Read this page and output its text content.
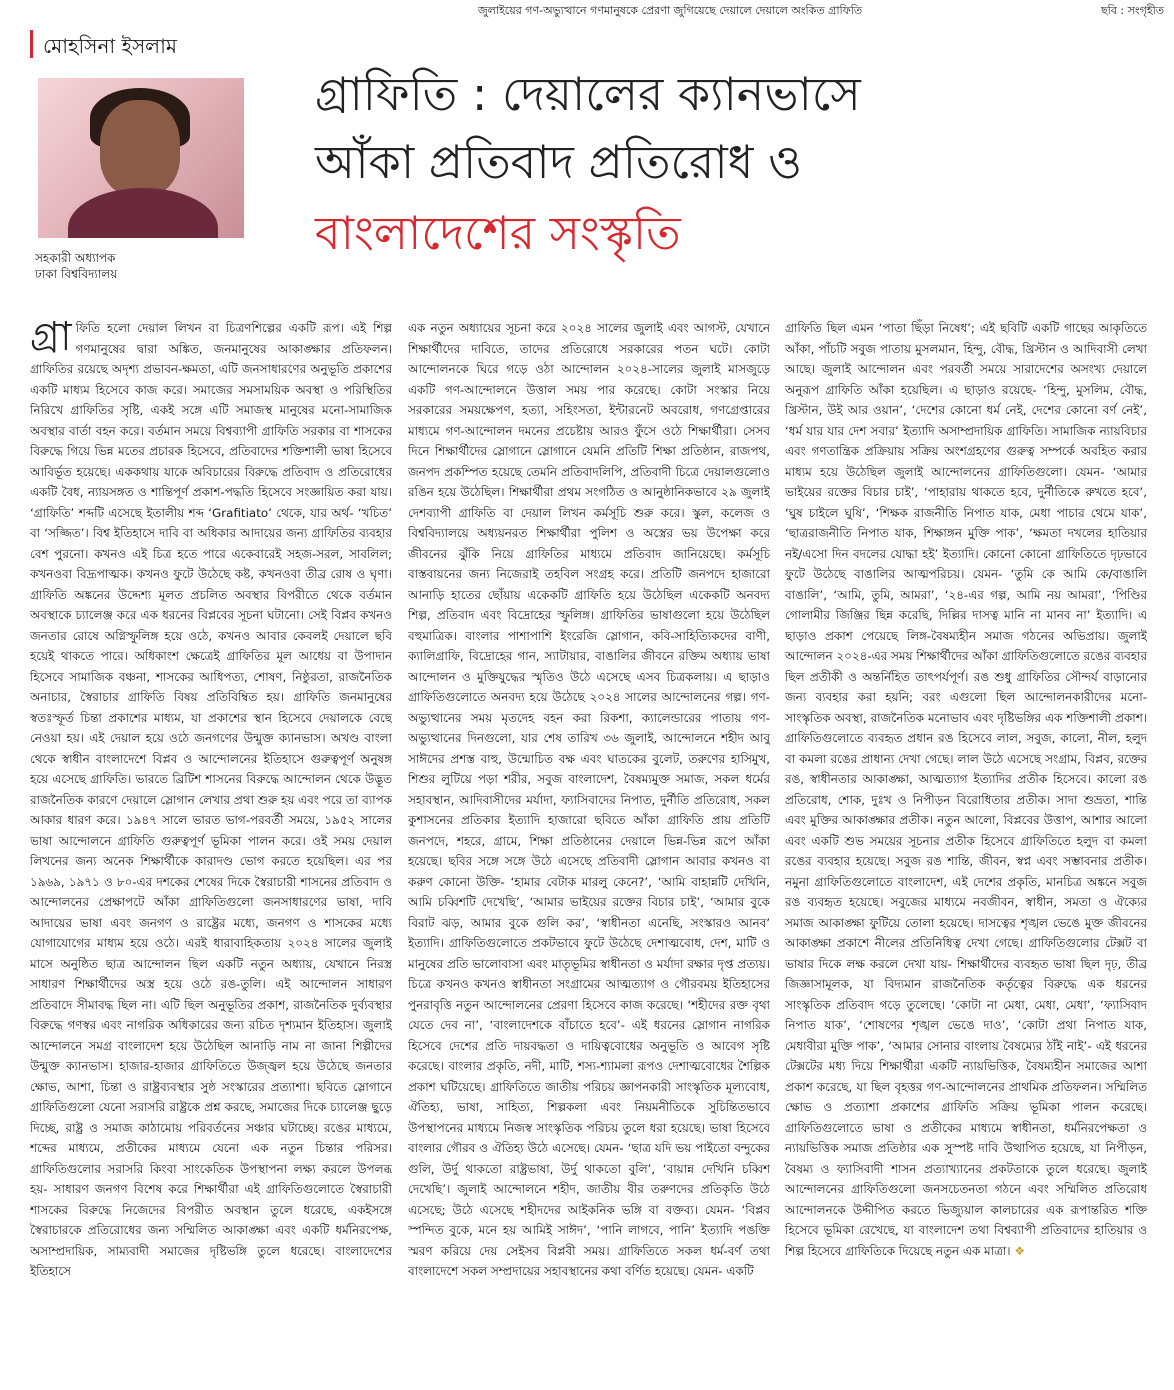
জুলাইয়ের গণ-অভ্যুত্থানে গণমানুষকে প্রেরণা জুগিয়েছে দেয়ালে দেয়ালে অংকিত গ্রাফিতি	ছবি : সংগৃহীত
মোহসিনা ইসলাম
সহকারী অধ্যাপক
ঢাকা বিশ্ববিদ্যালয়
গ্রাফিতি : দেয়ালের ক্যানভাসে
আঁকা প্রতিবাদ প্রতিরোধ ও
বাংলাদেশের সংস্কৃতি

গ্রা ফিতি হলো দেয়াল লিখন বা চিত্রণশিল্পের একটি রূপ। এই শিল্প গণমানুষের দ্বারা অঙ্কিত, জনমানুষের আকাঙ্ক্ষার প্রতিফলন। গ্রাফিতির রয়েছে অদৃশ্য প্রভাবন-ক্ষমতা, এটি জনসাধারণের অনুভূতি প্রকাশের একটি মাধ্যম হিসেবে কাজ করে। সমাজের সমসাময়িক অবস্থা ও পরিস্থিতির নিরিখে গ্রাফিতির সৃষ্টি, একই সঙ্গে এটি সমাজস্থ মানুষের মনো-সামাজিক অবস্থার বার্তা বহন করে। বর্তমান সময়ে বিশ্বব্যাপী গ্রাফিতি সরকার বা শাসকের বিরুদ্ধে গিয়ে ভিন্ন মতের প্রচারক হিসেবে, প্রতিবাদের শক্তিশালী ভাষা হিসেবে আবির্ভূত হয়েছে। এককথায় যাকে অবিচারের বিরুদ্ধে প্রতিবাদ ও প্রতিরোধের একটি বৈধ, ন্যায়সঙ্গত ও শান্তিপূর্ণ প্রকাশ-পদ্ধতি হিসেবে সংজ্ঞায়িত করা যায়। ‘গ্রাফিতি’ শব্দটি এসেছে ইতালীয় শব্দ ‘Grafitiato’ থেকে, যার অর্থ- ‘খচিত’ বা ‘সজ্জিত’। বিশ্ব ইতিহাসে দাবি বা অধিকার আদায়ের জন্য গ্রাফিতির ব্যবহার বেশ পুরনো। কখনও এই চিত্র হতে পারে একেবারেই সহজ-সরল, সাবলিল; কখনওবা বিদ্রূপাত্মক। কখনও ফুটে উঠেছে কষ্ট, কখনওবা তীব্র রোষ ও ঘৃণা। গ্রাফিতি অঙ্কনের উদ্দেশ্য মূলত প্রচলিত অবস্থার বিপরীতে থেকে বর্তমান অবস্থাকে চ্যালেঞ্জ করে এক ধরনের বিপ্লবের সূচনা ঘটানো। সেই বিপ্লব কখনও জনতার রোষে অগ্নিস্ফুলিঙ্গ হয়ে ওঠে, কখনও আবার কেবলই দেয়ালে ছবি হয়েই থাকতে পারে। অধিকাংশ ক্ষেত্রেই গ্রাফিতির মূল আধেয় বা উপাদান হিসেবে সামাজিক বঞ্চনা, শাসকের আধিপত্য, শোষণ, নিষ্ঠুরতা, রাজনৈতিক অনাচার, স্বৈরাচার গ্রাফিতি বিষয় প্রতিবিম্বিত হয়। গ্রাফিতি জনমানুষের স্বতঃস্ফূর্ত চিন্তা প্রকাশের মাধ্যম, যা প্রকাশের স্থান হিসেবে দেয়ালকে বেছে নেওয়া হয়। এই দেয়াল হয়ে ওঠে জনগণের উন্মুক্ত ক্যানভাস। অখণ্ড বাংলা থেকে স্বাধীন বাংলাদেশে বিপ্লব ও আন্দোলনের ইতিহাসে গুরুত্বপূর্ণ অনুষঙ্গ হয়ে এসেছে গ্রাফিতি। ভারতে ব্রিটিশ শাসনের বিরুদ্ধে আন্দোলন থেকে উদ্ভূত রাজনৈতিক কারণে দেয়ালে স্লোগান লেখার প্রথা শুরু হয় এবং পরে তা ব্যাপক আকার ধারণ করে। ১৯৪৭ সালে ভারত ভাগ-পরবর্তী সময়ে, ১৯৫২ সালের ভাষা আন্দোলনে গ্রাফিতি গুরুত্বপূর্ণ ভূমিকা পালন করে। ওই সময় দেয়াল লিখনের জন্য অনেক শিক্ষার্থীকে কারাদণ্ড ভোগ করতে হয়েছিল। এর পর ১৯৬৯, ১৯৭১ ও ৮০-এর দশকের শেষের দিকে স্বৈরাচারী শাসনের প্রতিবাদ ও আন্দোলনের প্রেক্ষাপটে আঁকা গ্রাফিতিগুলো জনসাধারণের ভাষা, দাবি আদায়ের ভাষা এবং জনগণ ও রাষ্ট্রের মধ্যে, জনগণ ও শাসকের মধ্যে যোগাযোগের মাধ্যম হয়ে ওঠে। এরই ধারাবাহিকতায় ২০২৪ সালের জুলাই মাসে অনুষ্ঠিত ছাত্র আন্দোলন ছিল একটি নতুন অধ্যায়, যেখানে নিরস্ত্র সাধারণ শিক্ষার্থীদের অস্ত্র হয়ে ওঠে রঙ-তুলি। এই আন্দোলন সাধারণ প্রতিবাদে সীমাবদ্ধ ছিল না। এটি ছিল অনুভূতির প্রকাশ, রাজনৈতিক দুর্ব্যবস্থার বিরুদ্ধে গণস্বর এবং নাগরিক অধিকারের জন্য রচিত দৃশ্যমান ইতিহাস। জুলাই আন্দোলনে সমগ্র বাংলাদেশ হয়ে উঠেছিল আনাড়ি নাম না জানা শিল্পীদের উন্মুক্ত ক্যানভাস। হাজার-হাজার গ্রাফিতিতে উজ্জ্বল হয়ে উঠেছে জনতার ক্ষোভ, আশা, চিন্তা ও রাষ্ট্রব্যবস্থার সুষ্ঠ সংস্কারের প্রত্যাশা। ছবিতে স্লোগানে গ্রাফিতিগুলো যেনো সরাসরি রাষ্ট্রকে প্রশ্ন করছে, সমাজের দিকে চ্যালেঞ্জ ছুড়ে দিচ্ছে, রাষ্ট্র ও সমাজ কাঠামোয় পরিবর্তনের সঞ্চার ঘটাচ্ছে। রঙের মাধ্যমে, শব্দের মাধ্যমে, প্রতীকের মাধ্যমে যেনো এক নতুন চিন্তার পরিসর। গ্রাফিতিগুলোর সরাসরি কিংবা সাংকেতিক উপস্থাপনা লক্ষ্য করলে উপলব্ধ হয়- সাধারণ জনগণ বিশেষ করে শিক্ষার্থীরা এই গ্রাফিতিগুলোতে স্বৈরাচারী শাসকের বিরুদ্ধে নিজেদের বিপরীত অবস্থান তুলে ধরেছে, একইসঙ্গে স্বৈরাচারকে প্রতিরোধের জন্য সম্মিলিত আকাঙ্ক্ষা এবং একটি ধর্মনিরপেক্ষ, অসাম্প্রদায়িক, সাম্যবাদী সমাজের দৃষ্টিভঙ্গি তুলে ধরেছে। বাংলাদেশের ইতিহাসে

এক নতুন অধ্যায়ের সূচনা করে ২০২৪ সালের জুলাই এবং আগস্ট, যেখানে শিক্ষার্থীদের দাবিতে, তাদের প্রতিরোধে সরকারের পতন ঘটে। কোটা আন্দোলনকে ঘিরে গড়ে ওঠা আন্দোলন ২০২৪-সালের জুলাই মাসজুড়ে একটি গণ-আন্দোলনে উত্তাল সময় পার করেছে। কোটা সংস্কার নিয়ে সরকারের সময়ক্ষেপণ, হত্যা, সহিংসতা, ইন্টারনেট অবরোধ, গণগ্রেপ্তারের মাধ্যমে গণ-আন্দোলন দমনের প্রচেষ্টায় আরও ফুঁসে ওঠে শিক্ষার্থীরা। সেসব দিনে শিক্ষার্থীদের স্লোগানে স্লোগানে যেমনি প্রতিটি শিক্ষা প্রতিষ্ঠান, রাজপথ, জনপদ প্রকম্পিত হয়েছে তেমনি প্রতিবাদলিপি, প্রতিবাদী চিত্রে দেয়ালগুলোও রঙিন হয়ে উঠেছিল। শিক্ষার্থীরা প্রথম সংগঠিত ও আনুষ্ঠানিকভাবে ২৯ জুলাই দেশব্যাপী গ্রাফিতি বা দেয়াল লিখন কর্মসূচি শুরু করে। স্কুল, কলেজ ও বিশ্ববিদ্যালয়ে অধ্যয়নরত শিক্ষার্থীরা পুলিশ ও অস্ত্রের ভয় উপেক্ষা করে জীবনের ঝুঁকি নিয়ে গ্রাফিতির মাধ্যমে প্রতিবাদ জানিয়েছে। কর্মসূচি বাস্তবায়নের জন্য নিজেরাই তহবিল সংগ্রহ করে। প্রতিটি জনপদে হাজারো আনাড়ি হাতের ছোঁয়ায় একেকটি গ্রাফিতি হয়ে উঠেছিল একেকটি অনবদ্য শিল্প, প্রতিবাদ এবং বিদ্রোহের স্ফুলিঙ্গ। গ্রাফিতির ভাষাগুলো হয়ে উঠেছিল বহুমাত্রিক। বাংলার পাশাপাশি ইংরেজি স্লোগান, কবি-সাহিত্যিকদের বাণী, ক্যালিগ্রাফি, বিদ্রোহের গান, স্যাটায়ার, বাঙালির জীবনে রক্তিম অধ্যায় ভাষা আন্দোলন ও মুক্তিযুদ্ধের স্মৃতিও উঠে এসেছে এসব চিত্রকলায়। এ ছাড়াও গ্রাফিতিগুলোতে অনবদ্য হয়ে উঠেছে ২০২৪ সালের আন্দোলনের গল্প। গণ-অভ্যুত্থানের সময় মৃতদেহ বহন করা রিকশা, ক্যালেন্ডারের পাতায় গণ-অভ্যুত্থানের দিনগুলো, যার শেষ তারিখ ৩৬ জুলাই, আন্দোলনে শহীদ আবু সাঈদের প্রশস্ত বাহু, উন্মোচিত বক্ষ এবং ঘাতকের বুলেট, তরুণের হাসিমুখ, শিশুর লুটিয়ে পড়া শরীর, সবুজ বাংলাদেশ, বৈষম্যমুক্ত সমাজ, সকল ধর্মের সহাবস্থান, আদিবাসীদের মর্যাদা, ফ্যাসিবাদের নিপাত, দুর্নীতি প্রতিরোধ, সকল কুশাসনের প্রতিকার ইত্যাদি হাজারো ছবিতে আঁকা গ্রাফিতি প্রায় প্রতিটি জনপদে, শহরে, গ্রামে, শিক্ষা প্রতিষ্ঠানের দেয়ালে ভিন্ন-ভিন্ন রূপে আঁকা হয়েছে। ছবির সঙ্গে সঙ্গে উঠে এসেছে প্রতিবাদী স্লোগান আবার কখনও বা করুণ কোনো উক্তি- ‘হামার বেটাক মারলু কেনে?’, ‘আমি বাহান্নটি দেখিনি, আমি চব্বিশটি দেখেছি’, ‘আমার ভাইয়ের রক্তের বিচার চাই’, ‘আমার বুকে বিরাট ঝড়, আমার বুকে গুলি কর’, ‘স্বাধীনতা এনেছি, সংস্কারও আনব’ ইত্যাদি। গ্রাফিতিগুলোতে প্রকটভাবে ফুটে উঠেছে দেশাত্মবোধ, দেশ, মাটি ও মানুষের প্রতি ভালোবাসা এবং মাতৃভূমির স্বাধীনতা ও মর্যাদা রক্ষার দৃপ্ত প্রত্যয়। চিত্রে কখনও কখনও স্বাধীনতা সংগ্রামের আত্মত্যাগ ও গৌরবময় ইতিহাসের পুনরাবৃত্তি নতুন আন্দোলনের প্রেরণা হিসেবে কাজ করেছে। ‘শহীদের রক্ত বৃথা যেতে দেব না’, ‘বাংলাদেশকে বাঁচাতে হবে’- এই ধরনের স্লোগান নাগরিক হিসেবে দেশের প্রতি দায়বদ্ধতা ও দায়িত্ববোধের অনুভূতি ও আবেগ সৃষ্টি করেছে। বাংলার প্রকৃতি, নদী, মাটি, শস্য-শ্যামলা রূপও দেশাত্মবোধের শৈল্পিক প্রকাশ ঘটিয়েছে। গ্রাফিতিতে জাতীয় পরিচয় জ্ঞাপনকারী সাংস্কৃতিক মূল্যবোধ, ঐতিহ্য, ভাষা, সাহিত্য, শিল্পকলা এবং নিয়মনীতিকে সুচিন্তিতভাবে উপস্থাপনের মাধ্যমে নিজস্ব সাংস্কৃতিক পরিচয় তুলে ধরা হয়েছে। ভাষা হিসেবে বাংলার গৌরব ও ঐতিহ্য উঠে এসেছে। যেমন- ‘ছাত্র যদি ভয় পাইতো বন্দুকের গুলি, উর্দু থাকতো রাষ্ট্রভাষা, উর্দু থাকতো বুলি’, ‘বায়ান্ন দেখিনি চব্বিশ দেখেছি’। জুলাই আন্দোলনে শহীদ, জাতীয় বীর তরুণদের প্রতিকৃতি উঠে এসেছে; উঠে এসেছে শহীদদের আইকনিক ভঙ্গি বা বক্তব্য। যেমন- ‘বিপ্লব স্পন্দিত বুকে, মনে হয় আমিই সাঈদ’, ‘পানি লাগবে, পানি’ ইত্যাদি পঙক্তি স্মরণ করিয়ে দেয় সেইসব বিপ্লবী সময়। গ্রাফিতিতে সকল ধর্ম-বর্ণ তথা বাংলাদেশে সকল সম্প্রদায়ের সহাবস্থানের কথা বর্ণিত হয়েছে। যেমন- একটি

গ্রাফিতি ছিল এমন ‘পাতা ছিঁড়া নিষেধ’; এই ছবিটি একটি গাছের আকৃতিতে আঁকা, পাঁচটি সবুজ পাতায় মুসলমান, হিন্দু, বৌদ্ধ, খ্রিস্টান ও আদিবাসী লেখা আছে। জুলাই আন্দোলন এবং পরবর্তী সময়ে সারাদেশের অসংখ্য দেয়ালে অনুরূপ গ্রাফিতি আঁকা হয়েছিল। এ ছাড়াও রয়েছে- ‘হিন্দু, মুসলিম, বৌদ্ধ, খ্রিস্টান, উই আর ওয়ান’, ‘দেশের কোনো ধর্ম নেই, দেশের কোনো বর্ণ নেই’, ‘ধর্ম যার যার দেশ সবার’ ইত্যাদি অসাম্প্রদায়িক গ্রাফিতি। সামাজিক ন্যায়বিচার এবং গণতান্ত্রিক প্রক্রিয়ায় সক্রিয় অংশগ্রহণের গুরুত্ব সম্পর্কে অবহিত করার মাধ্যম হয়ে উঠেছিল জুলাই আন্দোলনের গ্রাফিতিগুলো। যেমন- ‘আমার ভাইয়ের রক্তের বিচার চাই’, ‘পাহারায় থাকতে হবে, দুর্নীতিকে রুখতে হবে’, ‘ঘুষ চাইলে ঘুষি’, ‘শিক্ষক রাজনীতি নিপাত যাক, মেধা পাচার থেমে যাক’, ‘ছাত্ররাজনীতি নিপাত যাক, শিক্ষাঙ্গন মুক্তি পাক’, ‘ক্ষমতা দখলের হাতিয়ার নই/এসো দিন বদলের যোদ্ধা হই’ ইত্যাদি। কোনো কোনো গ্রাফিতিতে দৃঢ়ভাবে ফুটে উঠেছে বাঙালির আত্মপরিচয়। যেমন- ‘তুমি কে আমি কে/বাঙালি বাঙালি’, ‘আমি, তুমি, আমরা’, ‘২৪-এর গল্প, আমি নয় আমরা’, ‘পিণ্ডির গোলামীর জিঞ্জির ছিন্ন করেছি, দিল্লির দাসত্ব মানি না মানব না’ ইত্যাদি। এ ছাড়াও প্রকাশ পেয়েছে লিঙ্গ-বৈষম্যহীন সমাজ গঠনের অভিপ্রায়। জুলাই আন্দোলন ২০২৪-এর সময় শিক্ষার্থীদের আঁকা গ্রাফিতিগুলোতে রঙের ব্যবহার ছিল প্রতীকী ও অন্তর্নিহিত তাৎপর্যপূর্ণ। রঙ শুধু গ্রাফিতির সৌন্দর্য বাড়ানোর জন্য ব্যবহার করা হয়নি; বরং এগুলো ছিল আন্দোলনকারীদের মনো-সাংস্কৃতিক অবস্থা, রাজনৈতিক মনোভাব এবং দৃষ্টিভঙ্গির এক শক্তিশালী প্রকাশ। গ্রাফিতিগুলোতে ব্যবহৃত প্রধান রঙ হিসেবে লাল, সবুজ, কালো, নীল, হলুদ বা কমলা রঙের প্রাধান্য দেখা গেছে। লাল উঠে এসেছে সংগ্রাম, বিপ্লব, রক্তের রঙ, স্বাধীনতার আকাঙ্ক্ষা, আত্মত্যাগ ইত্যাদির প্রতীক হিসেবে। কালো রঙ প্রতিরোধ, শোক, দুঃখ ও নিপীড়ন বিরোধিতার প্রতীক। সাদা শুভ্রতা, শান্তি এবং মুক্তির আকাঙ্ক্ষার প্রতীক। নতুন আলো, বিপ্লবের উত্তাপ, আশার আলো এবং একটি শুভ সময়ের সূচনার প্রতীক হিসেবে গ্রাফিতিতে হলুদ বা কমলা রঙের ব্যবহার হয়েছে। সবুজ রঙ শান্তি, জীবন, স্বপ্ন এবং সম্ভাবনার প্রতীক। নমুনা গ্রাফিতিগুলোতে বাংলাদেশ, এই দেশের প্রকৃতি, মানচিত্র অঙ্কনে সবুজ রঙ ব্যবহৃত হয়েছে। সবুজের মাধ্যমে নবজীবন, স্বাধীন, সমতা ও ঐক্যের সমাজ আকাঙ্ক্ষা ফুটিয়ে তোলা হয়েছে। দাসত্বের শৃঙ্খল ভেঙে মুক্ত জীবনের আকাঙ্ক্ষা প্রকাশে নীলের প্রতিনিধিত্ব দেখা গেছে। গ্রাফিতিগুলোর টেক্সট বা ভাষার দিকে লক্ষ করলে দেখা যায়- শিক্ষার্থীদের ব্যবহৃত ভাষা ছিল দৃঢ়, তীব্র জিজ্ঞাসামূলক, যা বিদ্যমান রাজনৈতিক কর্তৃত্বের বিরুদ্ধে এক ধরনের সাংস্কৃতিক প্রতিবাদ গড়ে তুলেছে। ‘কোটা না মেধা, মেধা, মেধা’, ‘ফ্যাসিবাদ নিপাত যাক’, ‘শোষণের শৃঙ্খল ভেঙে দাও’, ‘কোটা প্রথা নিপাত যাক, মেধাবীরা মুক্তি পাক’, ‘আমার সোনার বাংলায় বৈষম্যের ঠাঁই নাই’- এই ধরনের টেক্সটের মধ্য দিয়ে শিক্ষার্থীরা একটি ন্যায়ভিত্তিক, বৈষম্যহীন সমাজের আশা প্রকাশ করেছে, যা ছিল বৃহত্তর গণ-আন্দোলনের প্রাথমিক প্রতিফলন। সম্মিলিত ক্ষোভ ও প্রত্যাশা প্রকাশের গ্রাফিতি সক্রিয় ভূমিকা পালন করেছে। গ্রাফিতিগুলোতে ভাষা ও প্রতীকের মাধ্যমে স্বাধীনতা, ধর্মনিরপেক্ষতা ও ন্যায়ভিত্তিক সমাজ প্রতিষ্ঠার এক সুস্পষ্ট দাবি উত্থাপিত হয়েছে, যা নিপীড়ন, বৈষম্য ও ফ্যাসিবাদী শাসন প্রত্যাখ্যানের প্রকটতাকে তুলে ধরেছে। জুলাই আন্দোলনের গ্রাফিতিগুলো জনসচেতনতা গঠনে এবং সম্মিলিত প্রতিরোধ আন্দোলনকে উদ্দীপিত করতে ভিজ্যুয়াল কালচারের এক রূপান্তরিত শক্তি হিসেবে ভূমিকা রেখেছে, যা বাংলাদেশ তথা বিশ্বব্যাপী প্রতিবাদের হাতিয়ার ও শিল্প হিসেবে গ্রাফিতিকে দিয়েছে নতুন এক মাত্রা। ❖
